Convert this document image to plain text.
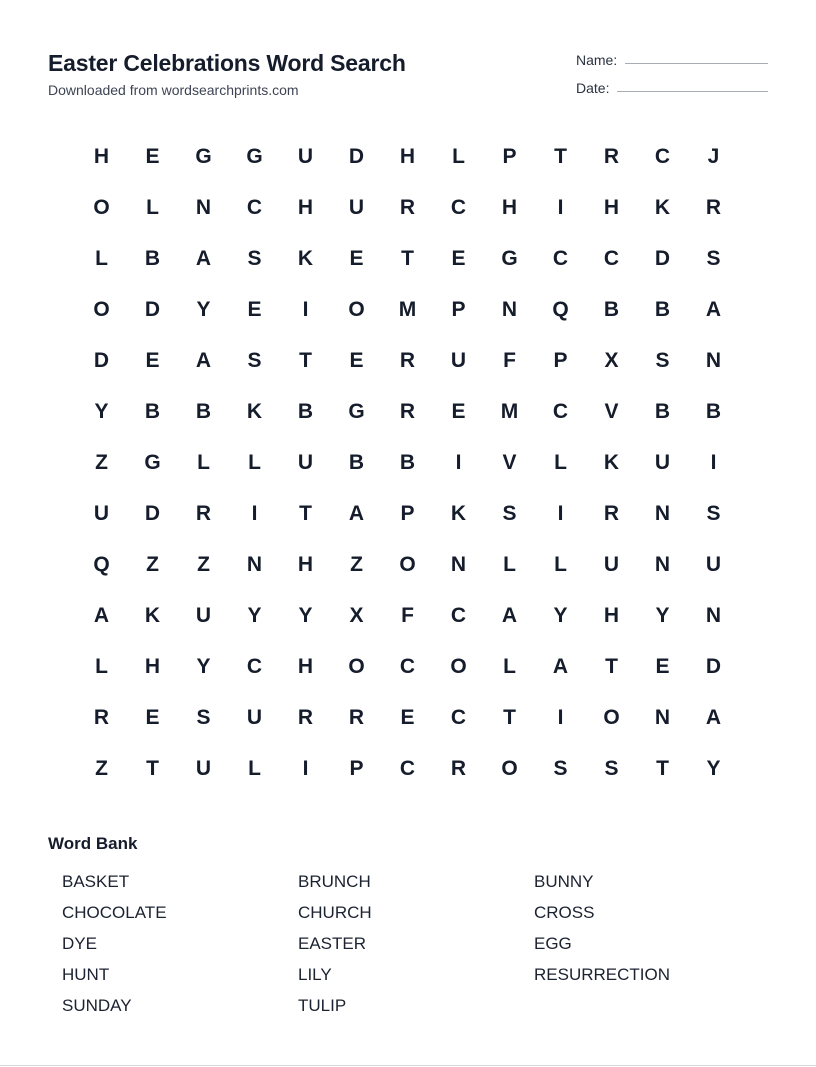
Easter Celebrations Word Search
Downloaded from wordsearchprints.com
Name:
Date:
H	E	G	G	U	D	H	L	P	T	R	C	J
O	L	N	C	H	U	R	C	H	I	H	K	R
L	B	A	S	K	E	T	E	G	C	C	D	S
O	D	Y	E	I	O	M	P	N	Q	B	B	A
D	E	A	S	T	E	R	U	F	P	X	S	N
Y	B	B	K	B	G	R	E	M	C	V	B	B
Z	G	L	L	U	B	B	I	V	L	K	U	I
U	D	R	I	T	A	P	K	S	I	R	N	S
Q	Z	Z	N	H	Z	O	N	L	L	U	N	U
A	K	U	Y	Y	X	F	C	A	Y	H	Y	N
L	H	Y	C	H	O	C	O	L	A	T	E	D
R	E	S	U	R	R	E	C	T	I	O	N	A
Z	T	U	L	I	P	C	R	O	S	S	T	Y
Word Bank
BASKET	BRUNCH	BUNNY
CHOCOLATE	CHURCH	CROSS
DYE	EASTER	EGG
HUNT	LILY	RESURRECTION
SUNDAY	TULIP
